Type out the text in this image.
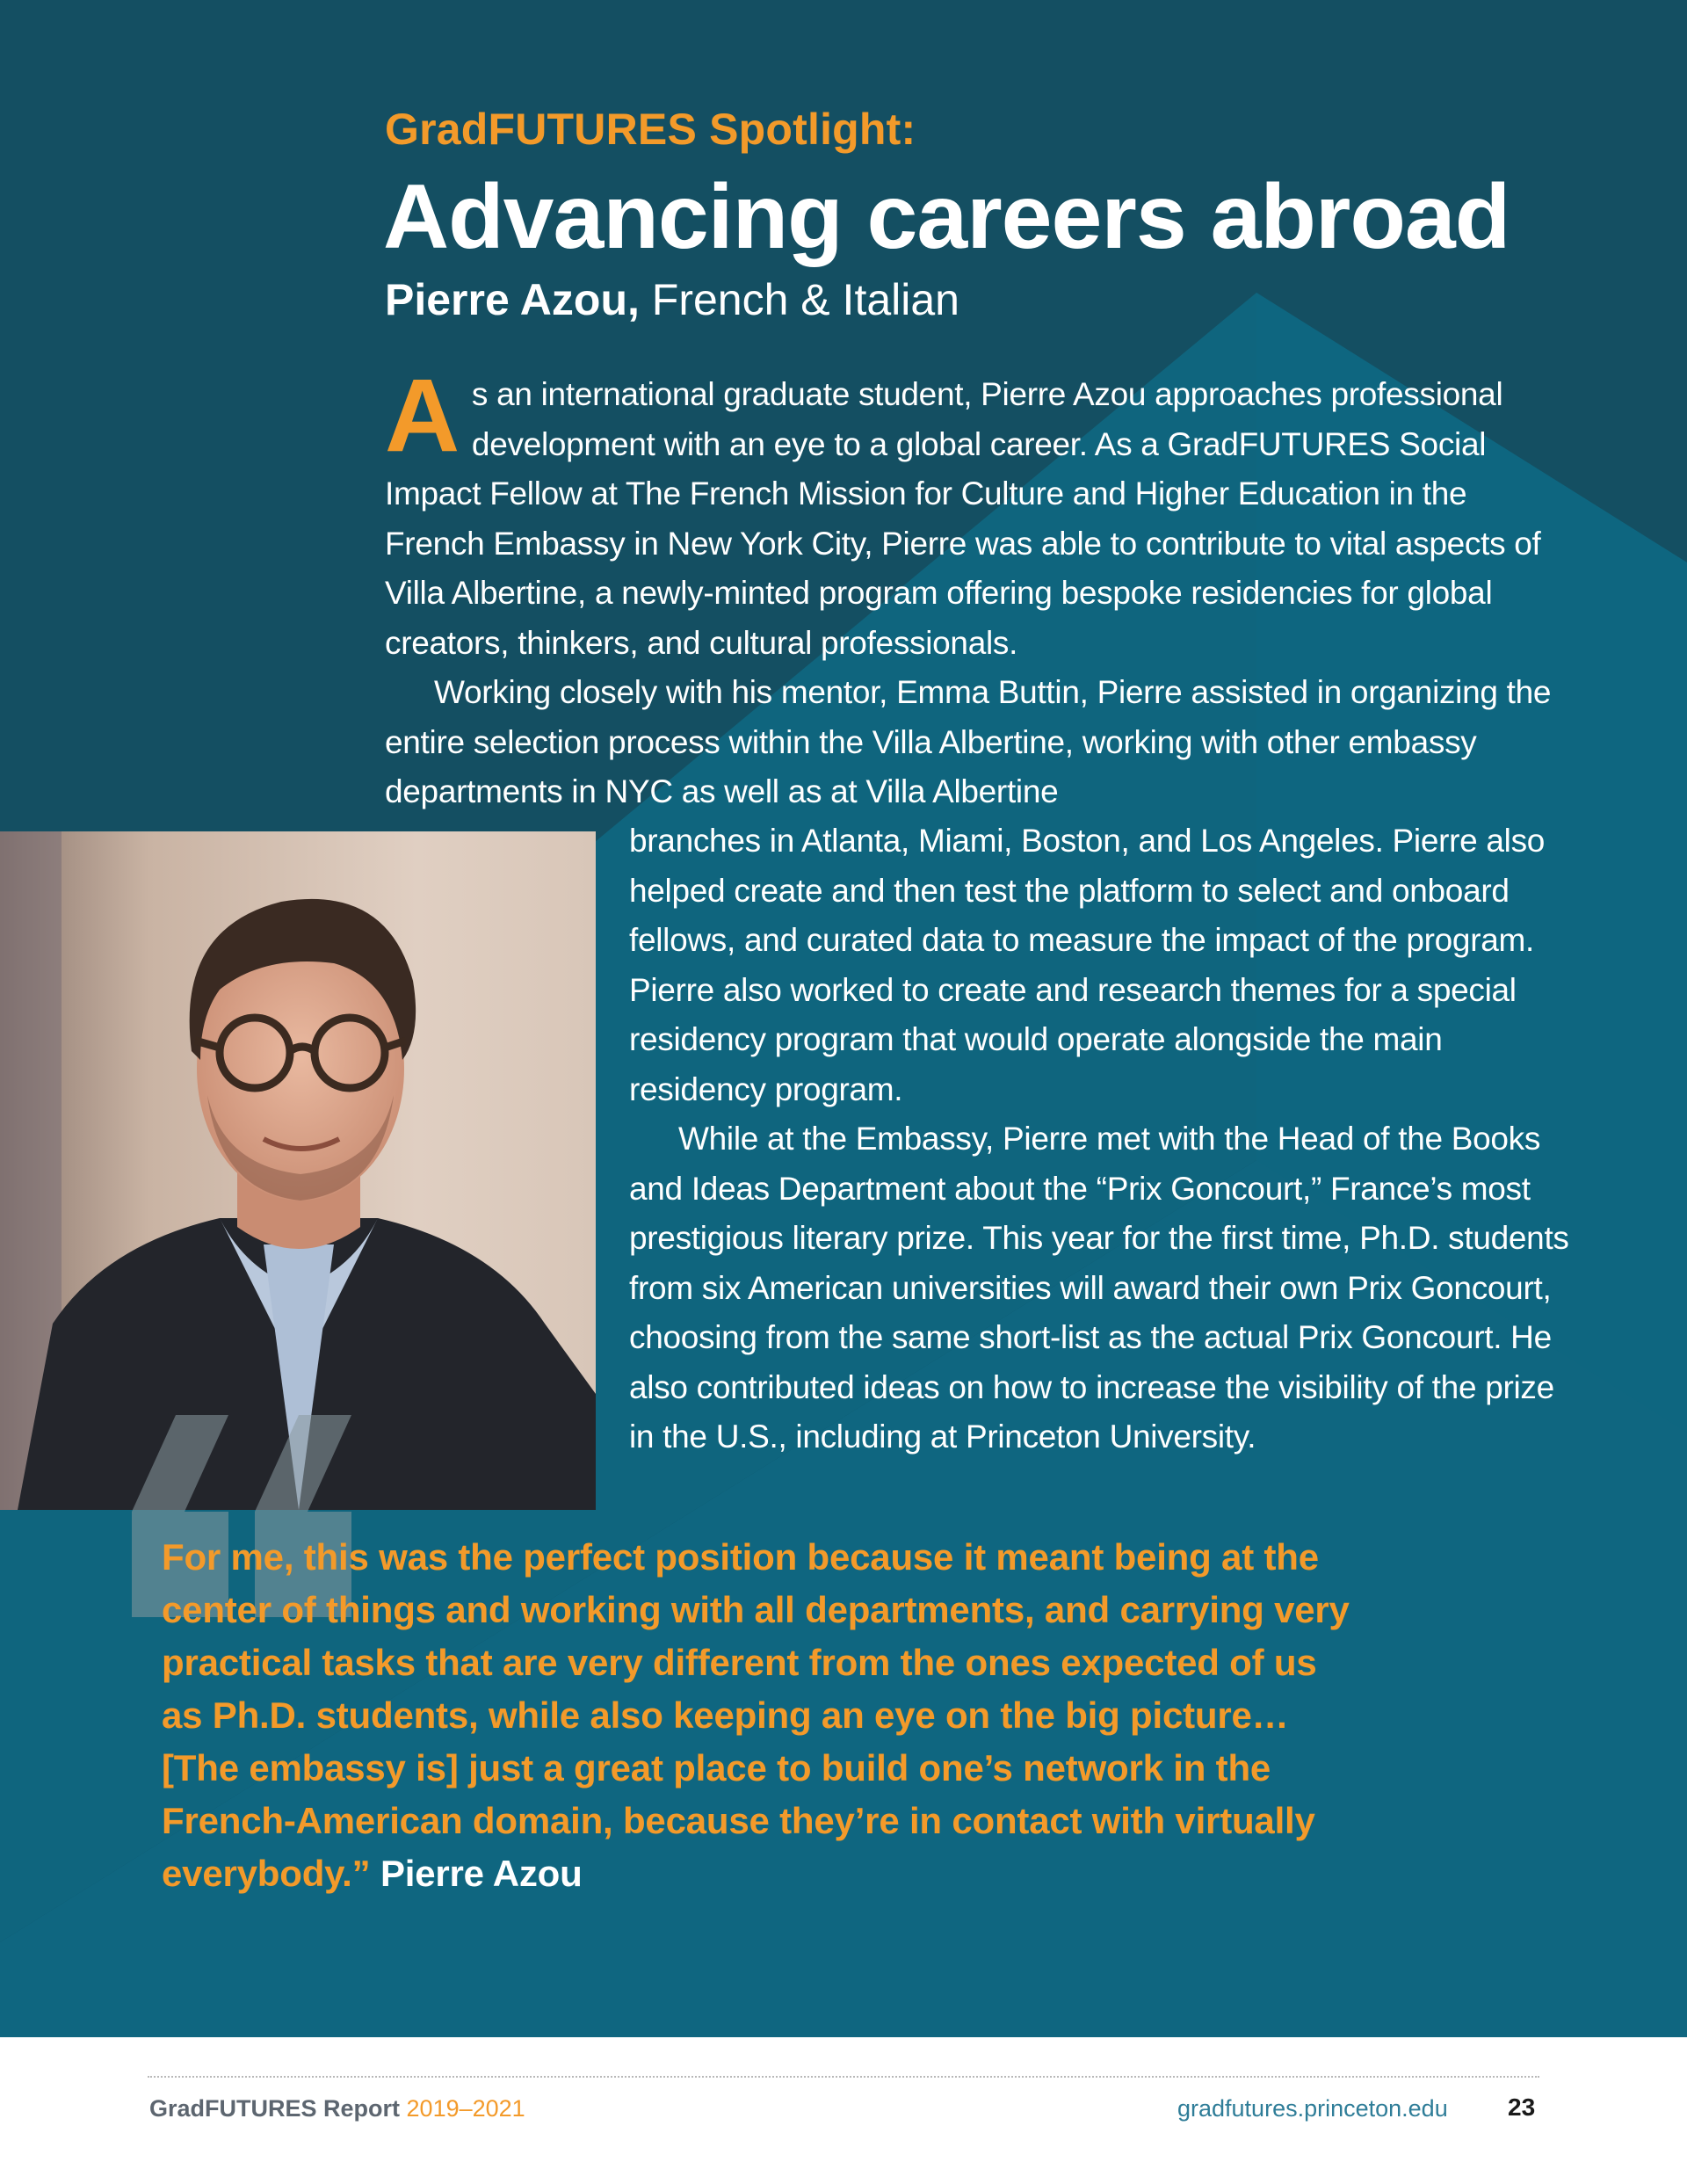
GradFUTURES Spotlight:
Advancing careers abroad

Pierre Azou, French & Italian

As an international graduate student, Pierre Azou approaches professional development with an eye to a global career. As a GradFUTURES Social Impact Fellow at The French Mission for Culture and Higher Education in the French Embassy in New York City, Pierre was able to contribute to vital aspects of Villa Albertine, a newly-minted program offering bespoke residencies for global creators, thinkers, and cultural professionals.

Working closely with his mentor, Emma Buttin, Pierre assisted in organizing the entire selection process within the Villa Albertine, working with other embassy departments in NYC as well as at Villa Albertine

branches in Atlanta, Miami, Boston, and Los Angeles. Pierre also helped create and then test the platform to select and onboard fellows, and curated data to measure the impact of the program. Pierre also worked to create and research themes for a special residency program that would operate alongside the main residency program.

While at the Embassy, Pierre met with the Head of the Books and Ideas Department about the “Prix Goncourt,” France’s most prestigious literary prize. This year for the first time, Ph.D. students from six American universities will award their own Prix Goncourt, choosing from the same short-list as the actual Prix Goncourt. He also contributed ideas on how to increase the visibility of the prize in the U.S., including at Princeton University.

For me, this was the perfect position because it meant being at the center of things and working with all departments, and carrying very practical tasks that are very different from the ones expected of us as Ph.D. students, while also keeping an eye on the big picture…[The embassy is] just a great place to build one’s network in the French-American domain, because they’re in contact with virtually everybody.” Pierre Azou

GradFUTURES Report 2019–2021	gradfutures.princeton.edu 23
